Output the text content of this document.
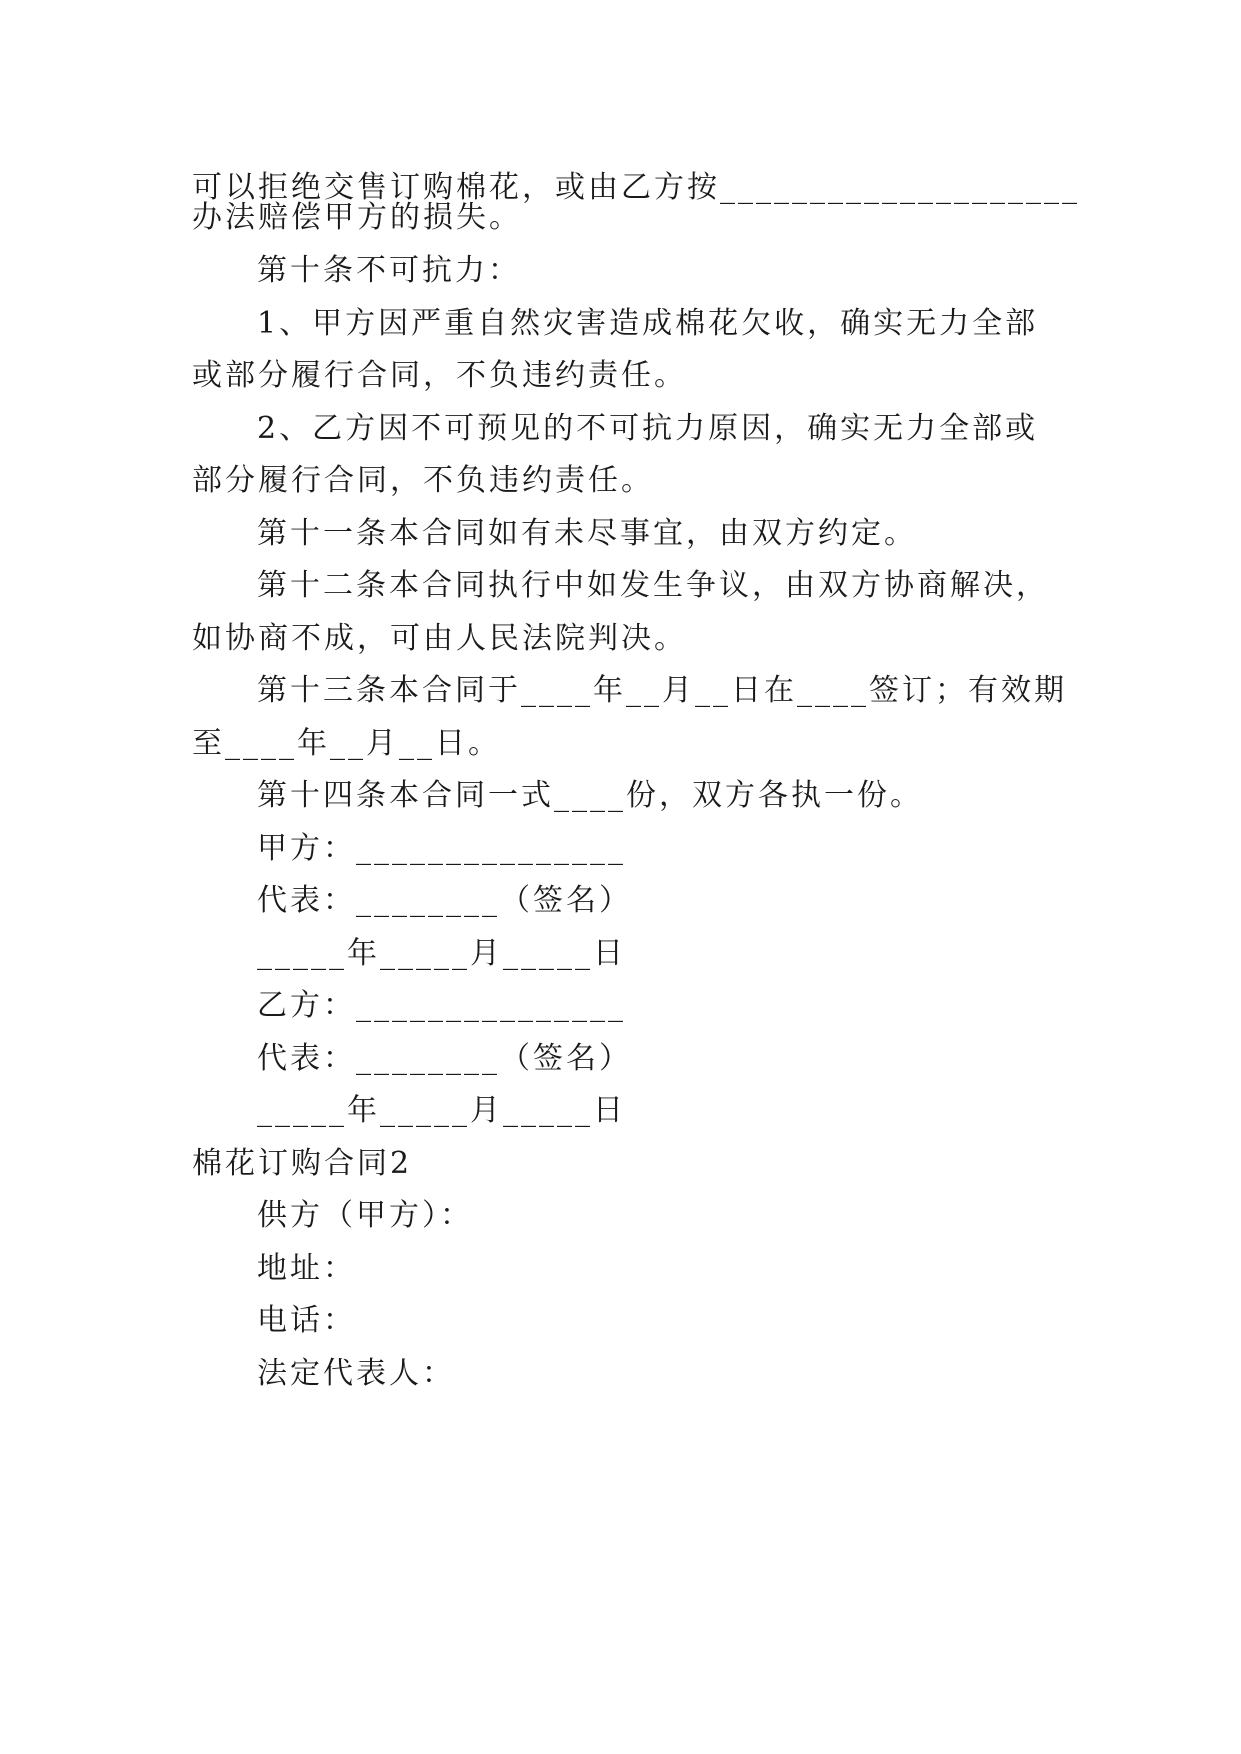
可以拒绝交售订购棉花，或由乙方按____________________
办法赔偿甲方的损失。
第十条不可抗力：
1、甲方因严重自然灾害造成棉花欠收，确实无力全部
或部分履行合同，不负违约责任。
2、乙方因不可预见的不可抗力原因，确实无力全部或
部分履行合同，不负违约责任。
第十一条本合同如有未尽事宜，由双方约定。
第十二条本合同执行中如发生争议，由双方协商解决，
如协商不成，可由人民法院判决。
第十三条本合同于____年__月__日在____签订；有效期
至____年__月__日。
第十四条本合同一式____份，双方各执一份。
甲方：_______________
代表：________（签名）
_____年_____月_____日
乙方：_______________
代表：________（签名）
_____年_____月_____日
棉花订购合同2
供方（甲方）：
地址：
电话：
法定代表人：
